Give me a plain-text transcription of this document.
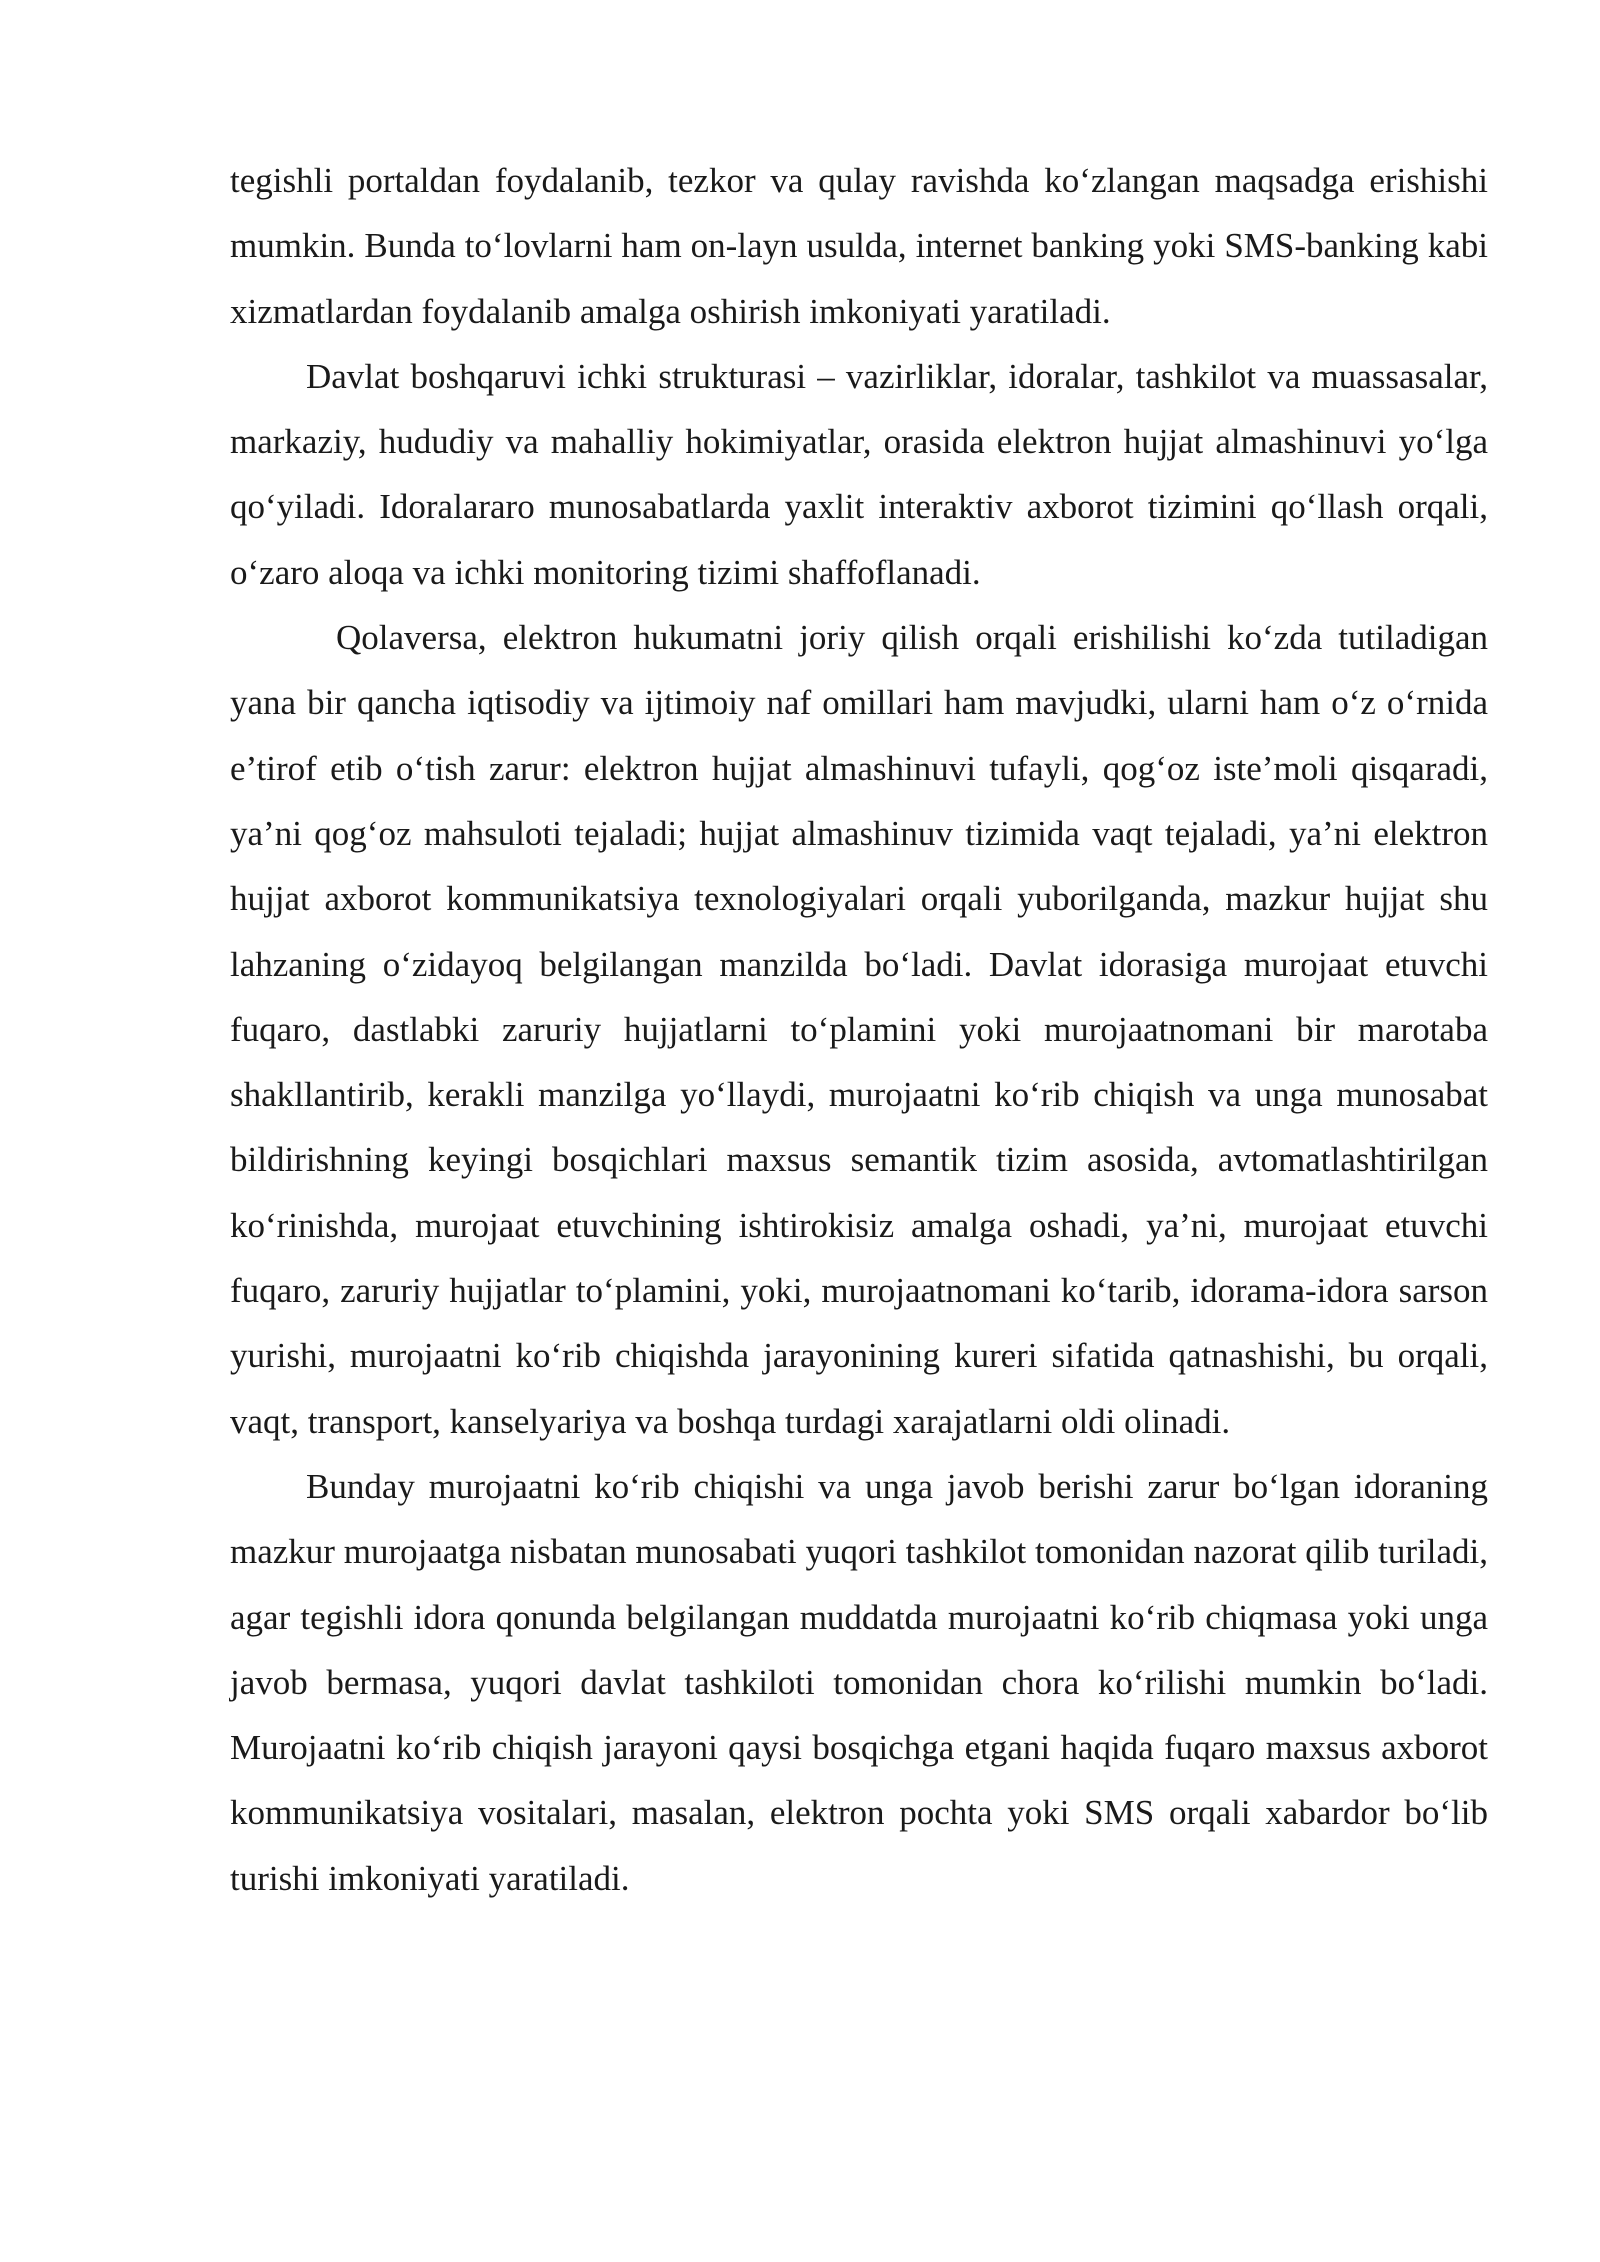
tegishli portaldan foydalanib, tezkor va qulay ravishda koʻzlangan maqsadga erishishi mumkin. Bunda toʻlovlarni ham on-layn usulda, internet banking yoki SMS-banking kabi xizmatlardan foydalanib amalga oshirish imkoniyati yaratiladi.

Davlat boshqaruvi ichki strukturasi – vazirliklar, idoralar, tashkilot va muassasalar, markaziy, hududiy va mahalliy hokimiyatlar, orasida elektron hujjat almashinuvi yoʻlga qoʻyiladi. Idoralararo munosabatlarda yaxlit interaktiv axborot tizimini qoʻllash orqali, oʻzaro aloqa va ichki monitoring tizimi shaffoflanadi.

Qolaversa, elektron hukumatni joriy qilish orqali erishilishi koʻzda tutiladigan yana bir qancha iqtisodiy va ijtimoiy naf omillari ham mavjudki, ularni ham oʻz oʻrnida e’tirof etib oʻtish zarur: elektron hujjat almashinuvi tufayli, qogʻoz iste’moli qisqaradi, ya’ni qogʻoz mahsuloti tejaladi; hujjat almashinuv tizimida vaqt tejaladi, ya’ni elektron hujjat axborot kommunikatsiya texnologiyalari orqali yuborilganda, mazkur hujjat shu lahzaning oʻzidayoq belgilangan manzilda boʻladi. Davlat idorasiga murojaat etuvchi fuqaro, dastlabki zaruriy hujjatlarni toʻplamini yoki murojaatnomani bir marotaba shakllantirib, kerakli manzilga yoʻllaydi, murojaatni koʻrib chiqish va unga munosabat bildirishning keyingi bosqichlari maxsus semantik tizim asosida, avtomatlashtirilgan koʻrinishda, murojaat etuvchining ishtirokisiz amalga oshadi, ya’ni, murojaat etuvchi fuqaro, zaruriy hujjatlar toʻplamini, yoki, murojaatnomani koʻtarib, idorama-idora sarson yurishi, murojaatni koʻrib chiqishda jarayonining kureri sifatida qatnashishi, bu orqali, vaqt, transport, kanselyariya va boshqa turdagi xarajatlarni oldi olinadi.

Bunday murojaatni koʻrib chiqishi va unga javob berishi zarur boʻlgan idoraning mazkur murojaatga nisbatan munosabati yuqori tashkilot tomonidan nazorat qilib turiladi, agar tegishli idora qonunda belgilangan muddatda murojaatni koʻrib chiqmasa yoki unga javob bermasa, yuqori davlat tashkiloti tomonidan chora koʻrilishi mumkin boʻladi. Murojaatni koʻrib chiqish jarayoni qaysi bosqichga etgani haqida fuqaro maxsus axborot kommunikatsiya vositalari, masalan, elektron pochta yoki SMS orqali xabardor boʻlib turishi imkoniyati yaratiladi.
